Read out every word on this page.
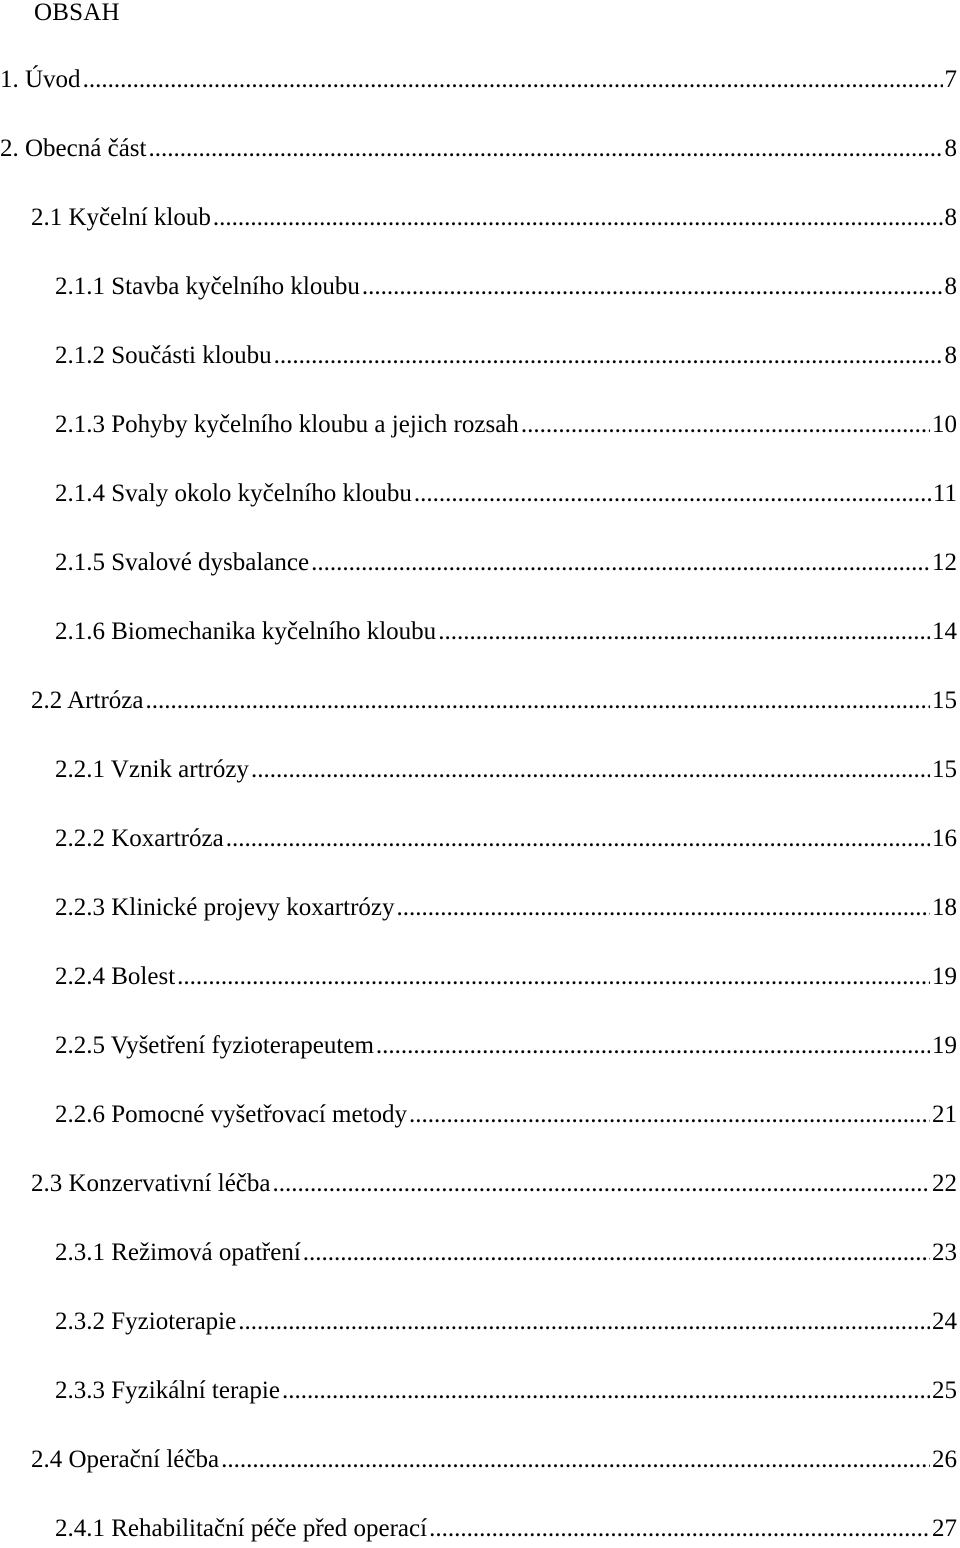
OBSAH
1. Úvod .....	7
2. Obecná část .....	8
2.1 Kyčelní kloub .....	8
2.1.1 Stavba kyčelního kloubu .....	8
2.1.2 Součásti kloubu .....	8
2.1.3 Pohyby kyčelního kloubu a jejich rozsah .....	10
2.1.4 Svaly okolo kyčelního kloubu .....	11
2.1.5 Svalové dysbalance .....	12
2.1.6 Biomechanika kyčelního kloubu .....	14
2.2 Artróza .....	15
2.2.1 Vznik artrózy .....	15
2.2.2 Koxartróza .....	16
2.2.3 Klinické projevy koxartrózy .....	18
2.2.4 Bolest .....	19
2.2.5 Vyšetření fyzioterapeutem .....	19
2.2.6 Pomocné vyšetřovací metody .....	21
2.3 Konzervativní léčba .....	22
2.3.1 Režimová opatření .....	23
2.3.2 Fyzioterapie .....	24
2.3.3 Fyzikální terapie .....	25
2.4 Operační léčba .....	26
2.4.1 Rehabilitační péče před operací .....	27
